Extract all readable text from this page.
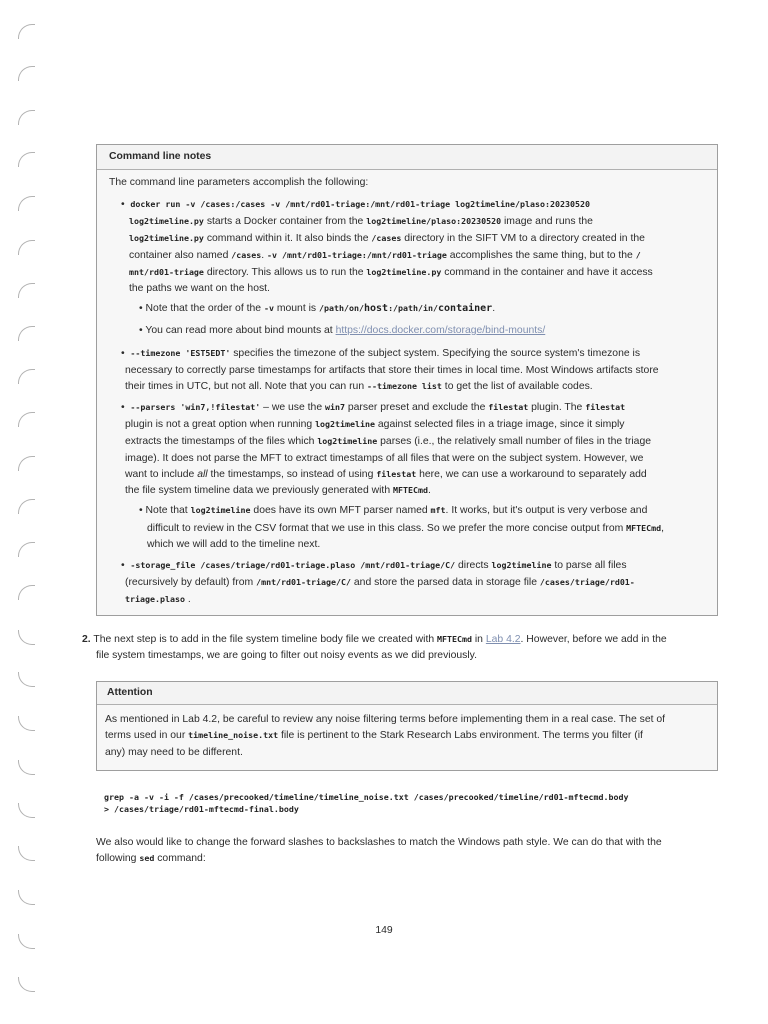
Command line notes
The command line parameters accomplish the following:
•  docker run -v /cases:/cases -v /mnt/rd01-triage:/mnt/rd01-triage log2timeline/plaso:20230520
log2timeline.py starts a Docker container from the log2timeline/plaso:20230520 image and runs the
log2timeline.py command within it. It also binds the /cases directory in the SIFT VM to a directory created in the
container also named /cases. -v /mnt/rd01-triage:/mnt/rd01-triage accomplishes the same thing, but to the /
mnt/rd01-triage directory. This allows us to run the log2timeline.py command in the container and have it access
the paths we want on the host.
• Note that the order of the -v mount is /path/on/host:/path/in/container.
• You can read more about bind mounts at https://docs.docker.com/storage/bind-mounts/
•  --timezone 'EST5EDT' specifies the timezone of the subject system. Specifying the source system's timezone is
necessary to correctly parse timestamps for artifacts that store their times in local time. Most Windows artifacts store
their times in UTC, but not all. Note that you can run --timezone list to get the list of available codes.
•  --parsers 'win7,!filestat' – we use the win7 parser preset and exclude the filestat plugin. The filestat
plugin is not a great option when running log2timeline against selected files in a triage image, since it simply
extracts the timestamps of the files which log2timeline parses (i.e., the relatively small number of files in the triage
image). It does not parse the MFT to extract timestamps of all files that were on the subject system. However, we
want to include all the timestamps, so instead of using filestat here, we can use a workaround to separately add
the file system timeline data we previously generated with MFTECmd.
• Note that log2timeline does have its own MFT parser named mft. It works, but it's output is very verbose and
difficult to review in the CSV format that we use in this class. So we prefer the more concise output from MFTECmd,
which we will add to the timeline next.
•  -storage_file /cases/triage/rd01-triage.plaso /mnt/rd01-triage/C/ directs log2timeline to parse all files
(recursively by default) from /mnt/rd01-triage/C/ and store the parsed data in storage file /cases/triage/rd01-
triage.plaso .
2. The next step is to add in the file system timeline body file we created with MFTECmd in Lab 4.2. However, before we add in the
file system timestamps, we are going to filter out noisy events as we did previously.
Attention
As mentioned in Lab 4.2, be careful to review any noise filtering terms before implementing them in a real case. The set of
terms used in our timeline_noise.txt file is pertinent to the Stark Research Labs environment. The terms you filter (if
any) may need to be different.
grep -a -v -i -f /cases/precooked/timeline/timeline_noise.txt /cases/precooked/timeline/rd01-mftecmd.body
> /cases/triage/rd01-mftecmd-final.body
We also would like to change the forward slashes to backslashes to match the Windows path style. We can do that with the
following sed command:
149
